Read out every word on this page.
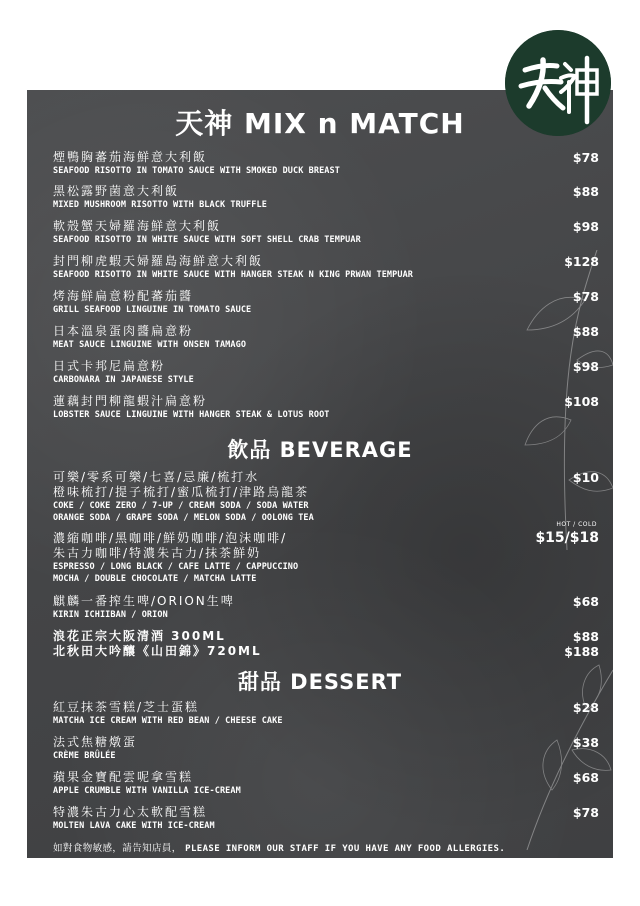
天神 MIX n MATCH
煙鴨胸蕃茄海鮮意大利飯
SEAFOOD RISOTTO IN TOMATO SAUCE WITH SMOKED DUCK BREAST
$78
黑松露野菌意大利飯
MIXED MUSHROOM RISOTTO WITH BLACK TRUFFLE
$88
軟殼蟹天婦羅海鮮意大利飯
SEAFOOD RISOTTO IN WHITE SAUCE WITH SOFT SHELL CRAB TEMPUAR
$98
封門柳虎蝦天婦羅島海鮮意大利飯
SEAFOOD RISOTTO IN WHITE SAUCE WITH HANGER STEAK N KING PRWAN TEMPUAR
$128
烤海鮮扁意粉配蕃茄醬
GRILL SEAFOOD LINGUINE IN TOMATO SAUCE
$78
日本溫泉蛋肉醬扁意粉
MEAT SAUCE LINGUINE WITH ONSEN TAMAGO
$88
日式卡邦尼扁意粉
CARBONARA IN JAPANESE STYLE
$98
蓮藕封門柳龍蝦汁扁意粉
LOBSTER SAUCE LINGUINE WITH HANGER STEAK & LOTUS ROOT
$108
飲品 BEVERAGE
可樂/零系可樂/七喜/忌廉/梳打水
橙味梳打/提子梳打/蜜瓜梳打/津路烏龍茶
COKE / COKE ZERO / 7-UP / CREAM SODA / SODA WATER
ORANGE SODA / GRAPE SODA / MELON SODA / OOLONG TEA
$10
HOT / COLD
濃縮咖啡/黑咖啡/鮮奶咖啡/泡沫咖啡/
朱古力咖啡/特濃朱古力/抹茶鮮奶
ESPRESSO / LONG BLACK / CAFE LATTE / CAPPUCCINO
MOCHA / DOUBLE CHOCOLATE / MATCHA LATTE
$15/$18
麒麟一番搾生啤/ORION生啤
KIRIN ICHIIBAN / ORION
$68
浪花正宗大阪清酒 300ML
北秋田大吟釀《山田錦》720ML
$88
$188
甜品 DESSERT
紅豆抹茶雪糕/芝士蛋糕
MATCHA ICE CREAM WITH RED BEAN / CHEESE CAKE
$28
法式焦糖燉蛋
CRÈME BRÛLÉE
$38
蘋果金寶配雲呢拿雪糕
APPLE CRUMBLE WITH VANILLA ICE-CREAM
$68
特濃朱古力心太軟配雪糕
MOLTEN LAVA CAKE WITH ICE-CREAM
$78
如對食物敏感，請告知店員， PLEASE INFORM OUR STAFF IF YOU HAVE ANY FOOD ALLERGIES.
